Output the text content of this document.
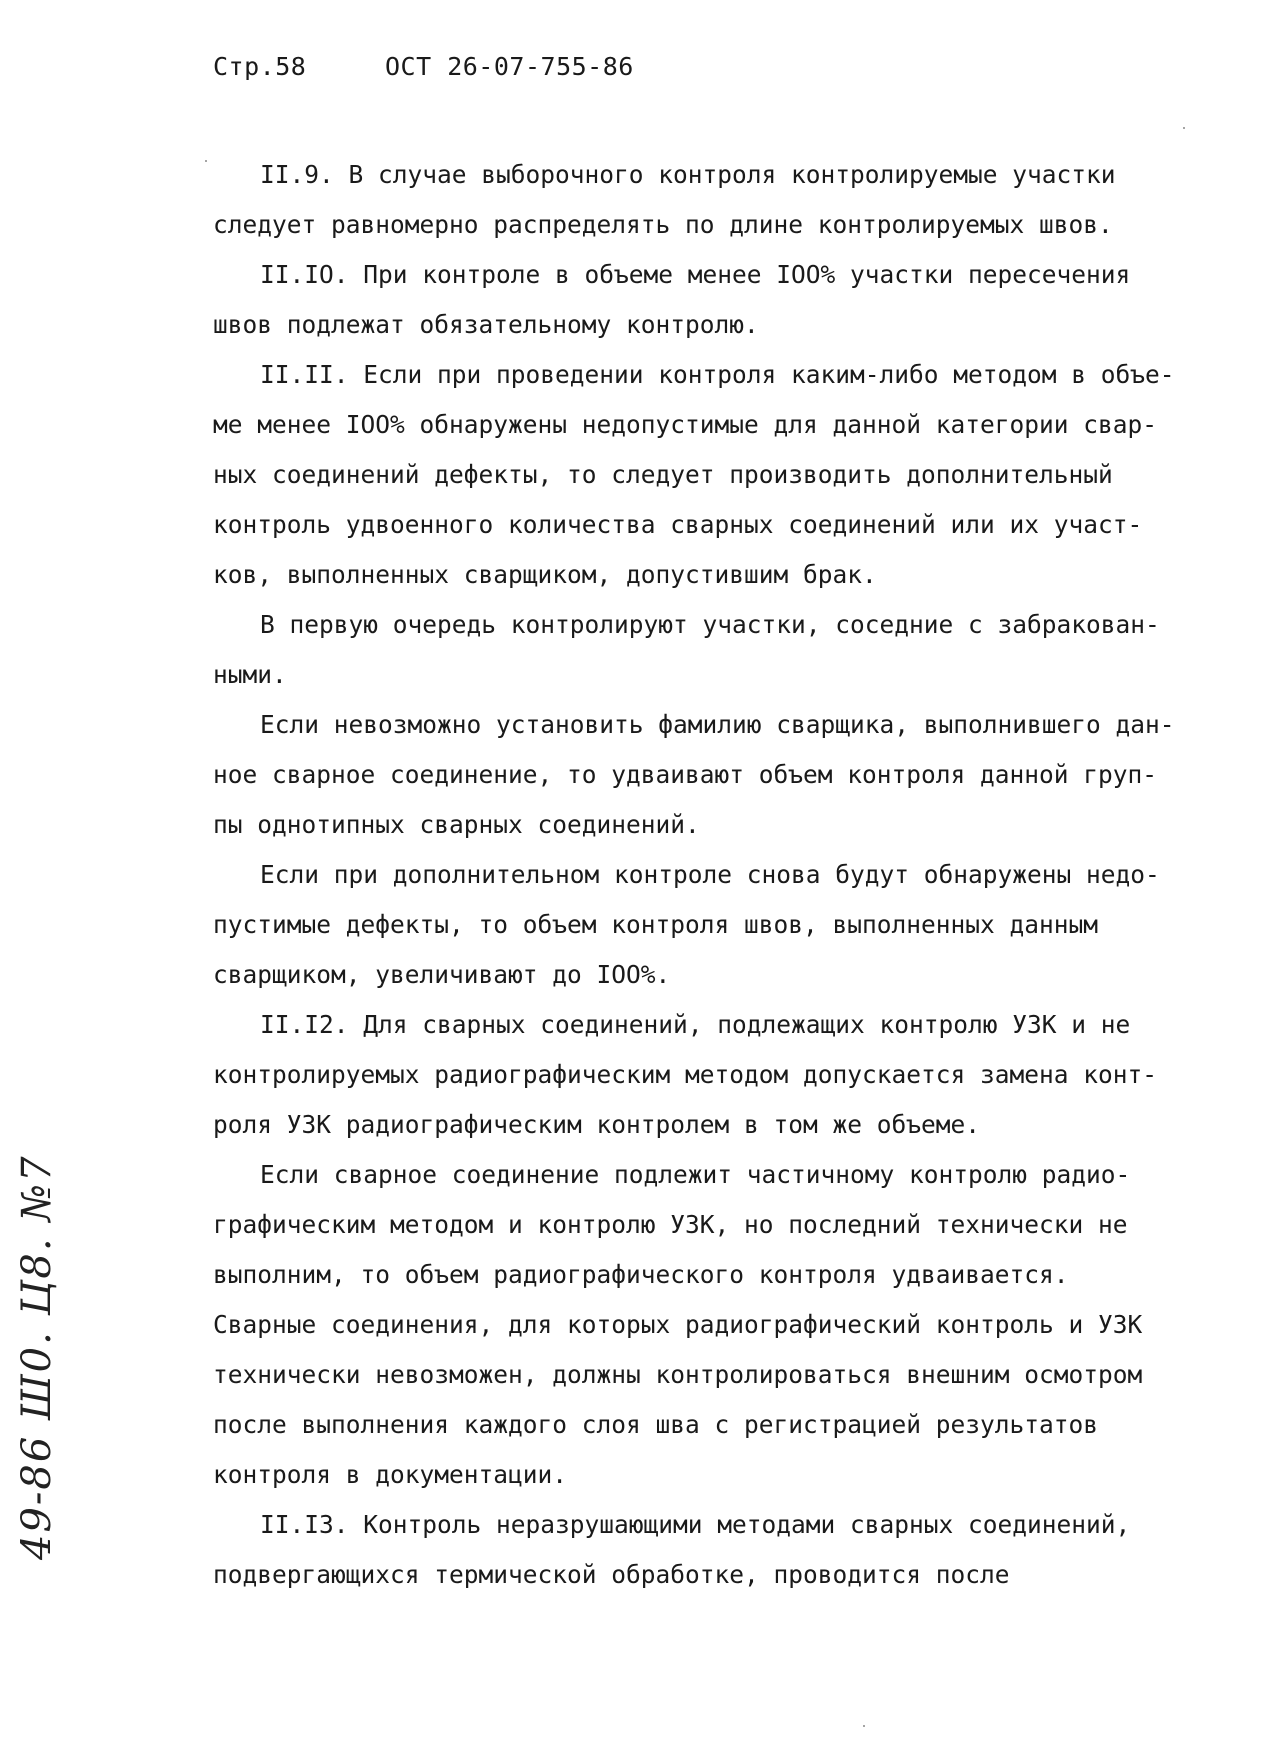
Стр.58	ОСТ 26-07-755-86
II.9. В случае выборочного контроля контролируемые участки
следует равномерно распределять по длине контролируемых швов.
II.IO. При контроле в объеме менее IOO% участки пересечения
швов подлежат обязательному контролю.
II.II. Если при проведении контроля каким-либо методом в объе-
ме менее IOO% обнаружены недопустимые для данной категории свар-
ных соединений дефекты, то следует производить дополнительный
контроль удвоенного количества сварных соединений или их участ-
ков, выполненных сварщиком, допустившим брак.
В первую очередь контролируют участки, соседние с забракован-
ными.
Если невозможно установить фамилию сварщика, выполнившего дан-
ное сварное соединение, то удваивают объем контроля данной груп-
пы однотипных сварных соединений.
Если при дополнительном контроле снова будут обнаружены недо-
пустимые дефекты, то объем контроля швов, выполненных данным
сварщиком, увеличивают до IOO%.
II.I2. Для сварных соединений, подлежащих контролю УЗК и не
контролируемых радиографическим методом допускается замена конт-
роля УЗК радиографическим контролем в том же объеме.
Если сварное соединение подлежит частичному контролю радио-
графическим методом и контролю УЗК, но последний технически не
выполним, то объем радиографического контроля удваивается.
Сварные соединения, для которых радиографический контроль и УЗК
технически невозможен, должны контролироваться внешним осмотром
после выполнения каждого слоя шва с регистрацией результатов
контроля в документации.
II.I3. Контроль неразрушающими методами сварных соединений,
подвергающихся термической обработке, проводится после
49-86 Ш0. Ц8. №7
